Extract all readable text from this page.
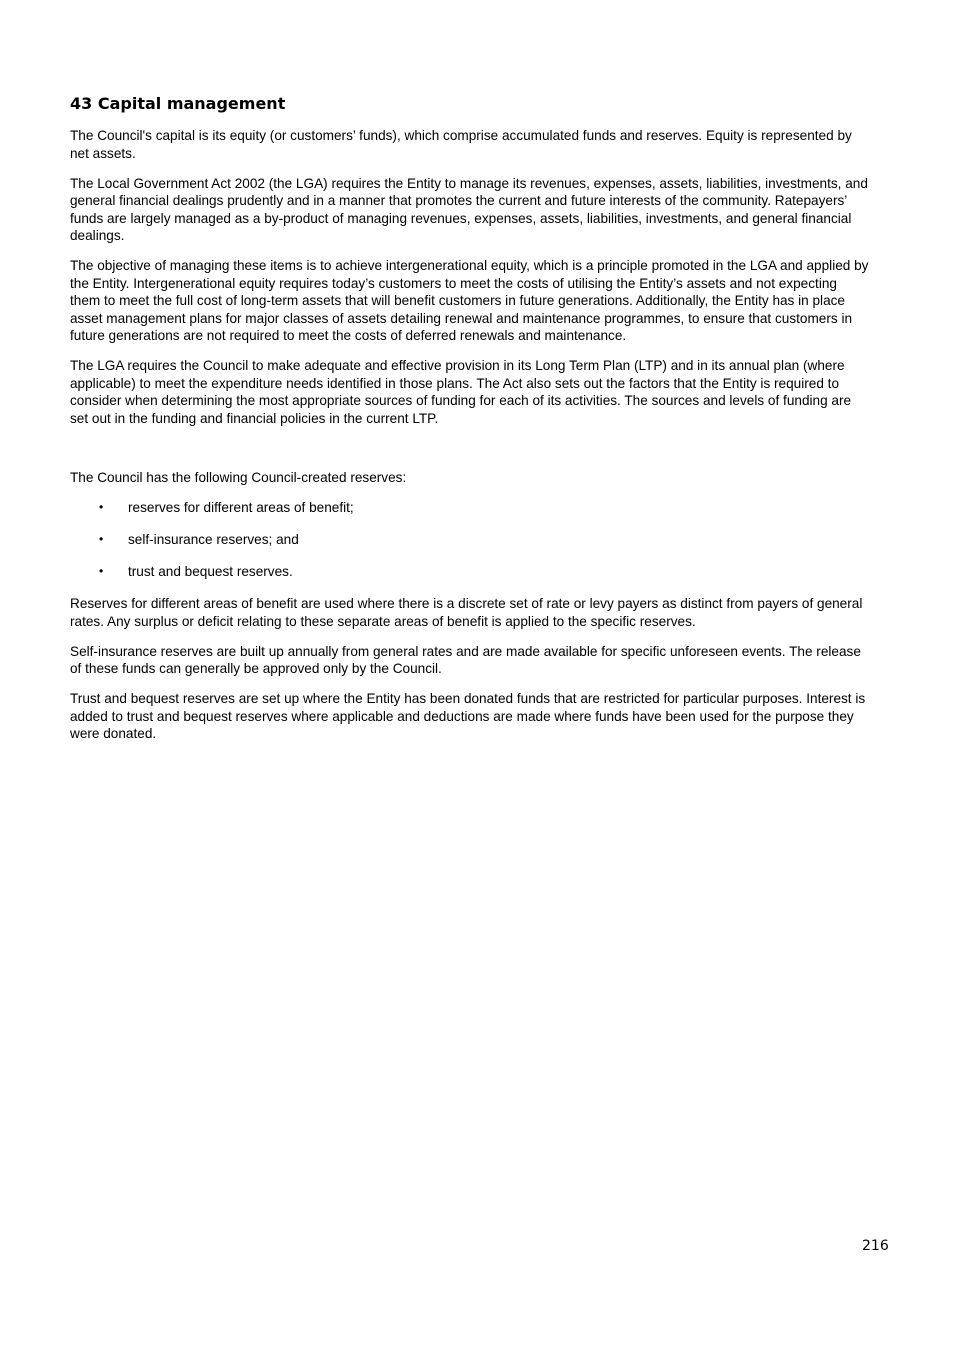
43 Capital management

The Council's capital is its equity (or customers’ funds), which comprise accumulated funds and reserves. Equity is represented by net assets.

The Local Government Act 2002 (the LGA) requires the Entity to manage its revenues, expenses, assets, liabilities, investments, and general financial dealings prudently and in a manner that promotes the current and future interests of the community. Ratepayers’ funds are largely managed as a by-product of managing revenues, expenses, assets, liabilities, investments, and general financial dealings.

The objective of managing these items is to achieve intergenerational equity, which is a principle promoted in the LGA and applied by the Entity. Intergenerational equity requires today’s customers to meet the costs of utilising the Entity’s assets and not expecting them to meet the full cost of long-term assets that will benefit customers in future generations. Additionally, the Entity has in place asset management plans for major classes of assets detailing renewal and maintenance programmes, to ensure that customers in future generations are not required to meet the costs of deferred renewals and maintenance.

The LGA requires the Council to make adequate and effective provision in its Long Term Plan (LTP) and in its annual plan (where applicable) to meet the expenditure needs identified in those plans. The Act also sets out the factors that the Entity is required to consider when determining the most appropriate sources of funding for each of its activities. The sources and levels of funding are set out in the funding and financial policies in the current LTP.

The Council has the following Council-created reserves:

• reserves for different areas of benefit;
• self-insurance reserves; and
• trust and bequest reserves.

Reserves for different areas of benefit are used where there is a discrete set of rate or levy payers as distinct from payers of general rates. Any surplus or deficit relating to these separate areas of benefit is applied to the specific reserves.

Self-insurance reserves are built up annually from general rates and are made available for specific unforeseen events. The release of these funds can generally be approved only by the Council.

Trust and bequest reserves are set up where the Entity has been donated funds that are restricted for particular purposes. Interest is added to trust and bequest reserves where applicable and deductions are made where funds have been used for the purpose they were donated.

216
